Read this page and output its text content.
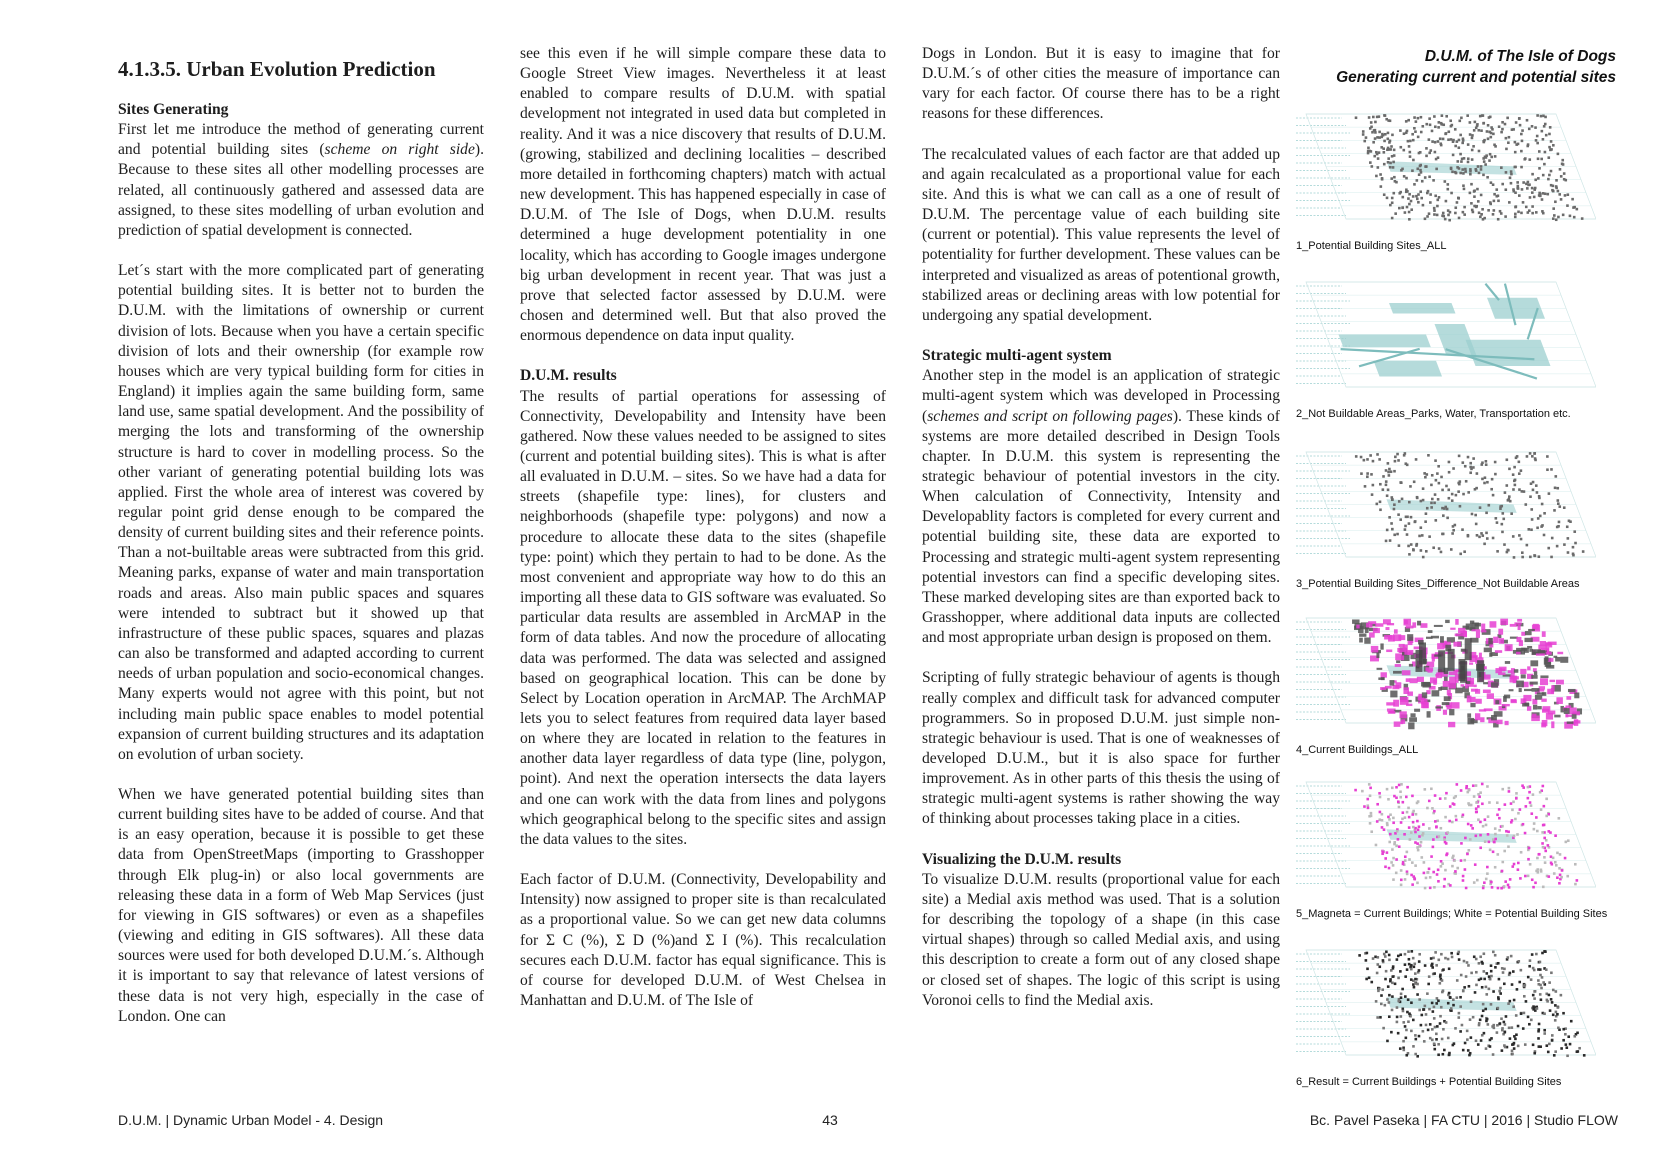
4.1.3.5. Urban Evolution Prediction
Sites Generating

First let me introduce the method of generating current and potential building sites (scheme on right side). Because to these sites all other modelling processes are related, all continuously gathered and assessed data are assigned, to these sites modelling of urban evolution and prediction of spatial development is connected.

Let´s start with the more complicated part of generating potential building sites. It is better not to burden the D.U.M. with the limitations of ownership or current division of lots. Because when you have a certain specific division of lots and their ownership (for example row houses which are very typical building form for cities in England) it implies again the same building form, same land use, same spatial development. And the possibility of merging the lots and transforming of the ownership structure is hard to cover in modelling process. So the other variant of generating potential building lots was applied. First the whole area of interest was covered by regular point grid dense enough to be compared the density of current building sites and their reference points. Than a not-builtable areas were subtracted from this grid. Meaning parks, expanse of water and main transportation roads and areas. Also main public spaces and squares were intended to subtract but it showed up that infrastructure of these public spaces, squares and plazas can also be transformed and adapted according to current needs of urban population and socio-economical changes. Many experts would not agree with this point, but not including main public space enables to model potential expansion of current building structures and its adaptation on evolution of urban society.

When we have generated potential building sites than current building sites have to be added of course. And that is an easy operation, because it is possible to get these data from OpenStreetMaps (importing to Grasshopper through Elk plug-in) or also local governments are releasing these data in a form of Web Map Services (just for viewing in GIS softwares) or even as a shapefiles (viewing and editing in GIS softwares). All these data sources were used for both developed D.U.M.´s. Although it is important to say that relevance of latest versions of these data is not very high, especially in the case of London. One can

see this even if he will simple compare these data to Google Street View images. Nevertheless it at least enabled to compare results of D.U.M. with spatial development not integrated in used data but completed in reality. And it was a nice discovery that results of D.U.M. (growing, stabilized and declining localities – described more detailed in forthcoming chapters) match with actual new development. This has happened especially in case of D.U.M. of The Isle of Dogs, when D.U.M. results determined a huge development potentiality in one locality, which has according to Google images undergone big urban development in recent year. That was just a prove that selected factor assessed by D.U.M. were chosen and determined well. But that also proved the enormous dependence on data input quality.

D.U.M. results

The results of partial operations for assessing of Connectivity, Developability and Intensity have been gathered. Now these values needed to be assigned to sites (current and potential building sites). This is what is after all evaluated in D.U.M. – sites. So we have had a data for streets (shapefile type: lines), for clusters and neighborhoods (shapefile type: polygons) and now a procedure to allocate these data to the sites (shapefile type: point) which they pertain to had to be done. As the most convenient and appropriate way how to do this an importing all these data to GIS software was evaluated. So particular data results are assembled in ArcMAP in the form of data tables. And now the procedure of allocating data was performed. The data was selected and assigned based on geographical location. This can be done by Select by Location operation in ArcMAP. The ArchMAP lets you to select features from required data layer based on where they are located in relation to the features in another data layer regardless of data type (line, polygon, point). And next the operation intersects the data layers and one can work with the data from lines and polygons which geographical belong to the specific sites and assign the data values to the sites.

Each factor of D.U.M. (Connectivity, Developability and Intensity) now assigned to proper site is than recalculated as a proportional value. So we can get new data columns for Σ C (%), Σ D (%)and Σ I (%). This recalculation secures each D.U.M. factor has equal significance. This is of course for developed D.U.M. of West Chelsea in Manhattan and D.U.M. of The Isle of

Dogs in London. But it is easy to imagine that for D.U.M.´s of other cities the measure of importance can vary for each factor. Of course there has to be a right reasons for these differences.

The recalculated values of each factor are that added up and again recalculated as a proportional value for each site. And this is what we can call as a one of result of D.U.M. The percentage value of each building site (current or potential). This value represents the level of potentiality for further development. These values can be interpreted and visualized as areas of potentional growth, stabilized areas or declining areas with low potential for undergoing any spatial development.

Strategic multi-agent system

Another step in the model is an application of strategic multi-agent system which was developed in Processing (schemes and script on following pages). These kinds of systems are more detailed described in Design Tools chapter. In D.U.M. this system is representing the strategic behaviour of potential investors in the city. When calculation of Connectivity, Intensity and Developablity factors is completed for every current and potential building site, these data are exported to Processing and strategic multi-agent system representing potential investors can find a specific developing sites. These marked developing sites are than exported back to Grasshopper, where additional data inputs are collected and most appropriate urban design is proposed on them.

Scripting of fully strategic behaviour of agents is though really complex and difficult task for advanced computer programmers. So in proposed D.U.M. just simple non-strategic behaviour is used. That is one of weaknesses of developed D.U.M., but it is also space for further improvement. As in other parts of this thesis the using of strategic multi-agent systems is rather showing the way of thinking about processes taking place in a cities.

Visualizing the D.U.M. results

To visualize D.U.M. results (proportional value for each site) a Medial axis method was used. That is a solution for describing the topology of a shape (in this case virtual shapes) through so called Medial axis, and using this description to create a form out of any closed shape or closed set of shapes. The logic of this script is using Voronoi cells to find the Medial axis.

D.U.M. of The Isle of Dogs
Generating current and potential sites
1_Potential Building Sites_ALL
2_Not Buildable Areas_Parks, Water, Transportation etc.
3_Potential Building Sites_Difference_Not Buildable Areas
4_Current Buildings_ALL
5_Magneta = Current Buildings; White = Potential Building Sites
6_Result = Current Buildings + Potential Building Sites
D.U.M. | Dynamic Urban Model - 4. Design	43	Bc. Pavel Paseka | FA CTU | 2016 | Studio FLOW
